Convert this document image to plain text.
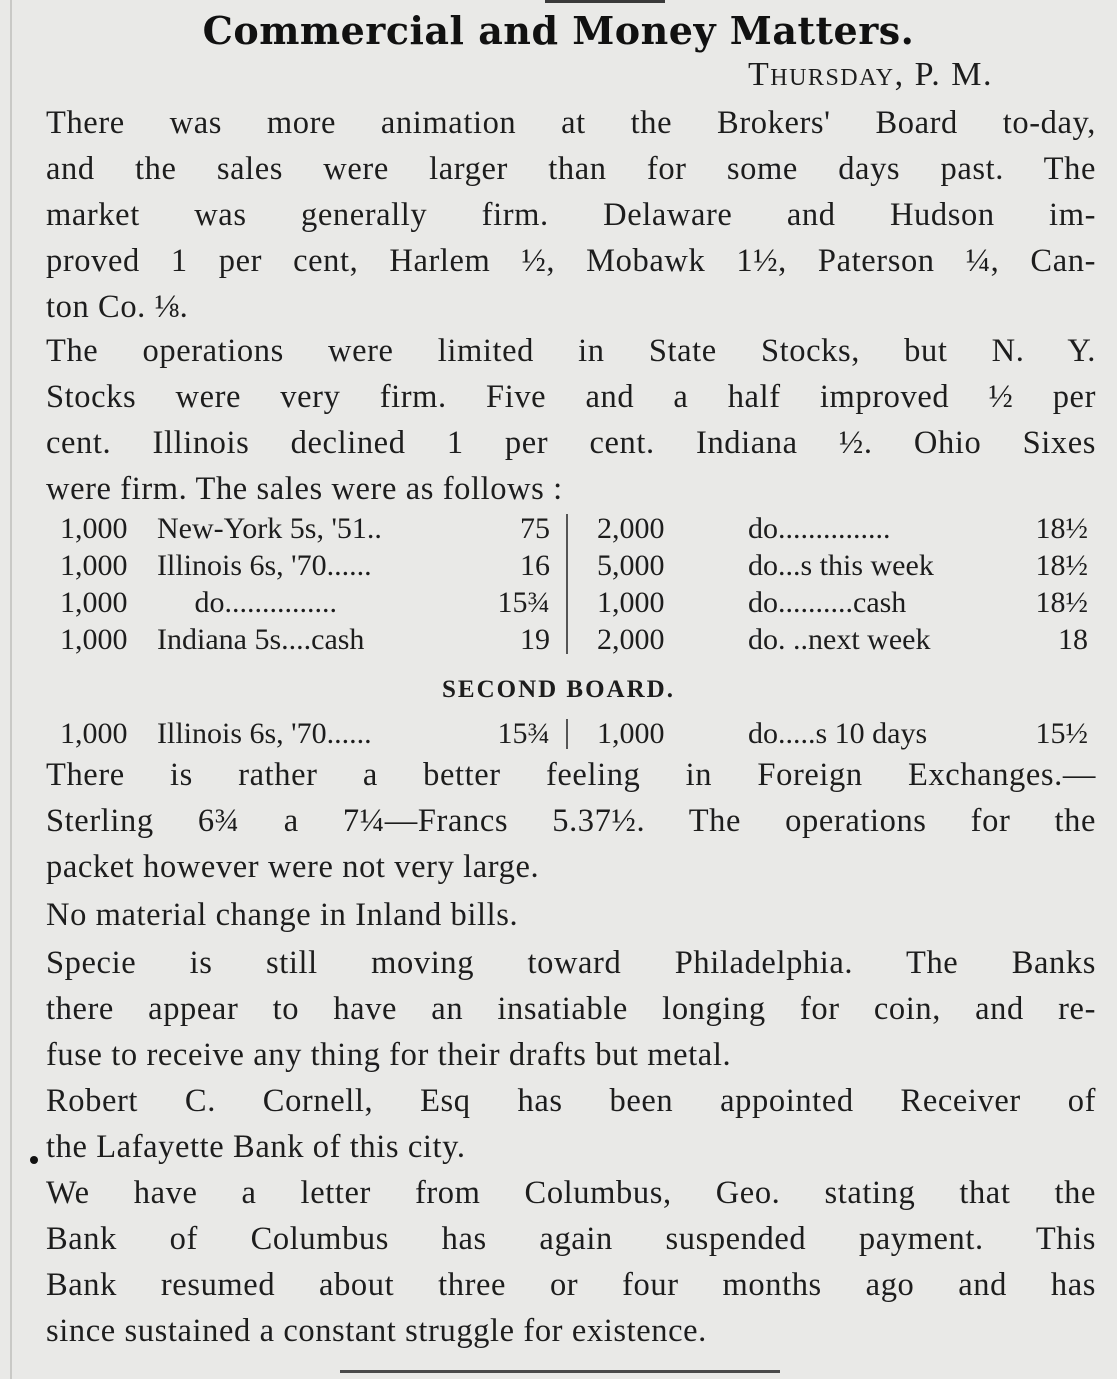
Commercial and Money Matters.
Thursday, P. M.
There was more animation at the Brokers' Board to-day,
and the sales were larger than for some days past. The
market was generally firm. Delaware and Hudson im-
proved 1 per cent, Harlem ½, Mobawk 1½, Paterson ¼, Can-
ton Co. ⅛.
The operations were limited in State Stocks, but N. Y.
Stocks were very firm. Five and a half improved ½ per
cent. Illinois declined 1 per cent. Indiana ½. Ohio Sixes
were firm. The sales were as follows :
1,000 New-York 5s, '51..	75 2,000	do...............	18½
1,000 Illinois 6s, '70......	16 5,000	do...s this week	18½
1,000 do...............	15¾ 1,000	do..........cash	18½
1,000 Indiana 5s....cash	19 2,000	do. ..next week	18
SECOND BOARD.
1,000 Illinois 6s, '70......	15¾ 1,000	do.....s 10 days	15½
There is rather a better feeling in Foreign Exchanges.—
Sterling 6¾ a 7¼—Francs 5.37½. The operations for the
packet however were not very large.
No material change in Inland bills.
Specie is still moving toward Philadelphia. The Banks
there appear to have an insatiable longing for coin, and re-
fuse to receive any thing for their drafts but metal.
Robert C. Cornell, Esq has been appointed Receiver of
the Lafayette Bank of this city.
We have a letter from Columbus, Geo. stating that the
Bank of Columbus has again suspended payment. This
Bank resumed about three or four months ago and has
since sustained a constant struggle for existence.
